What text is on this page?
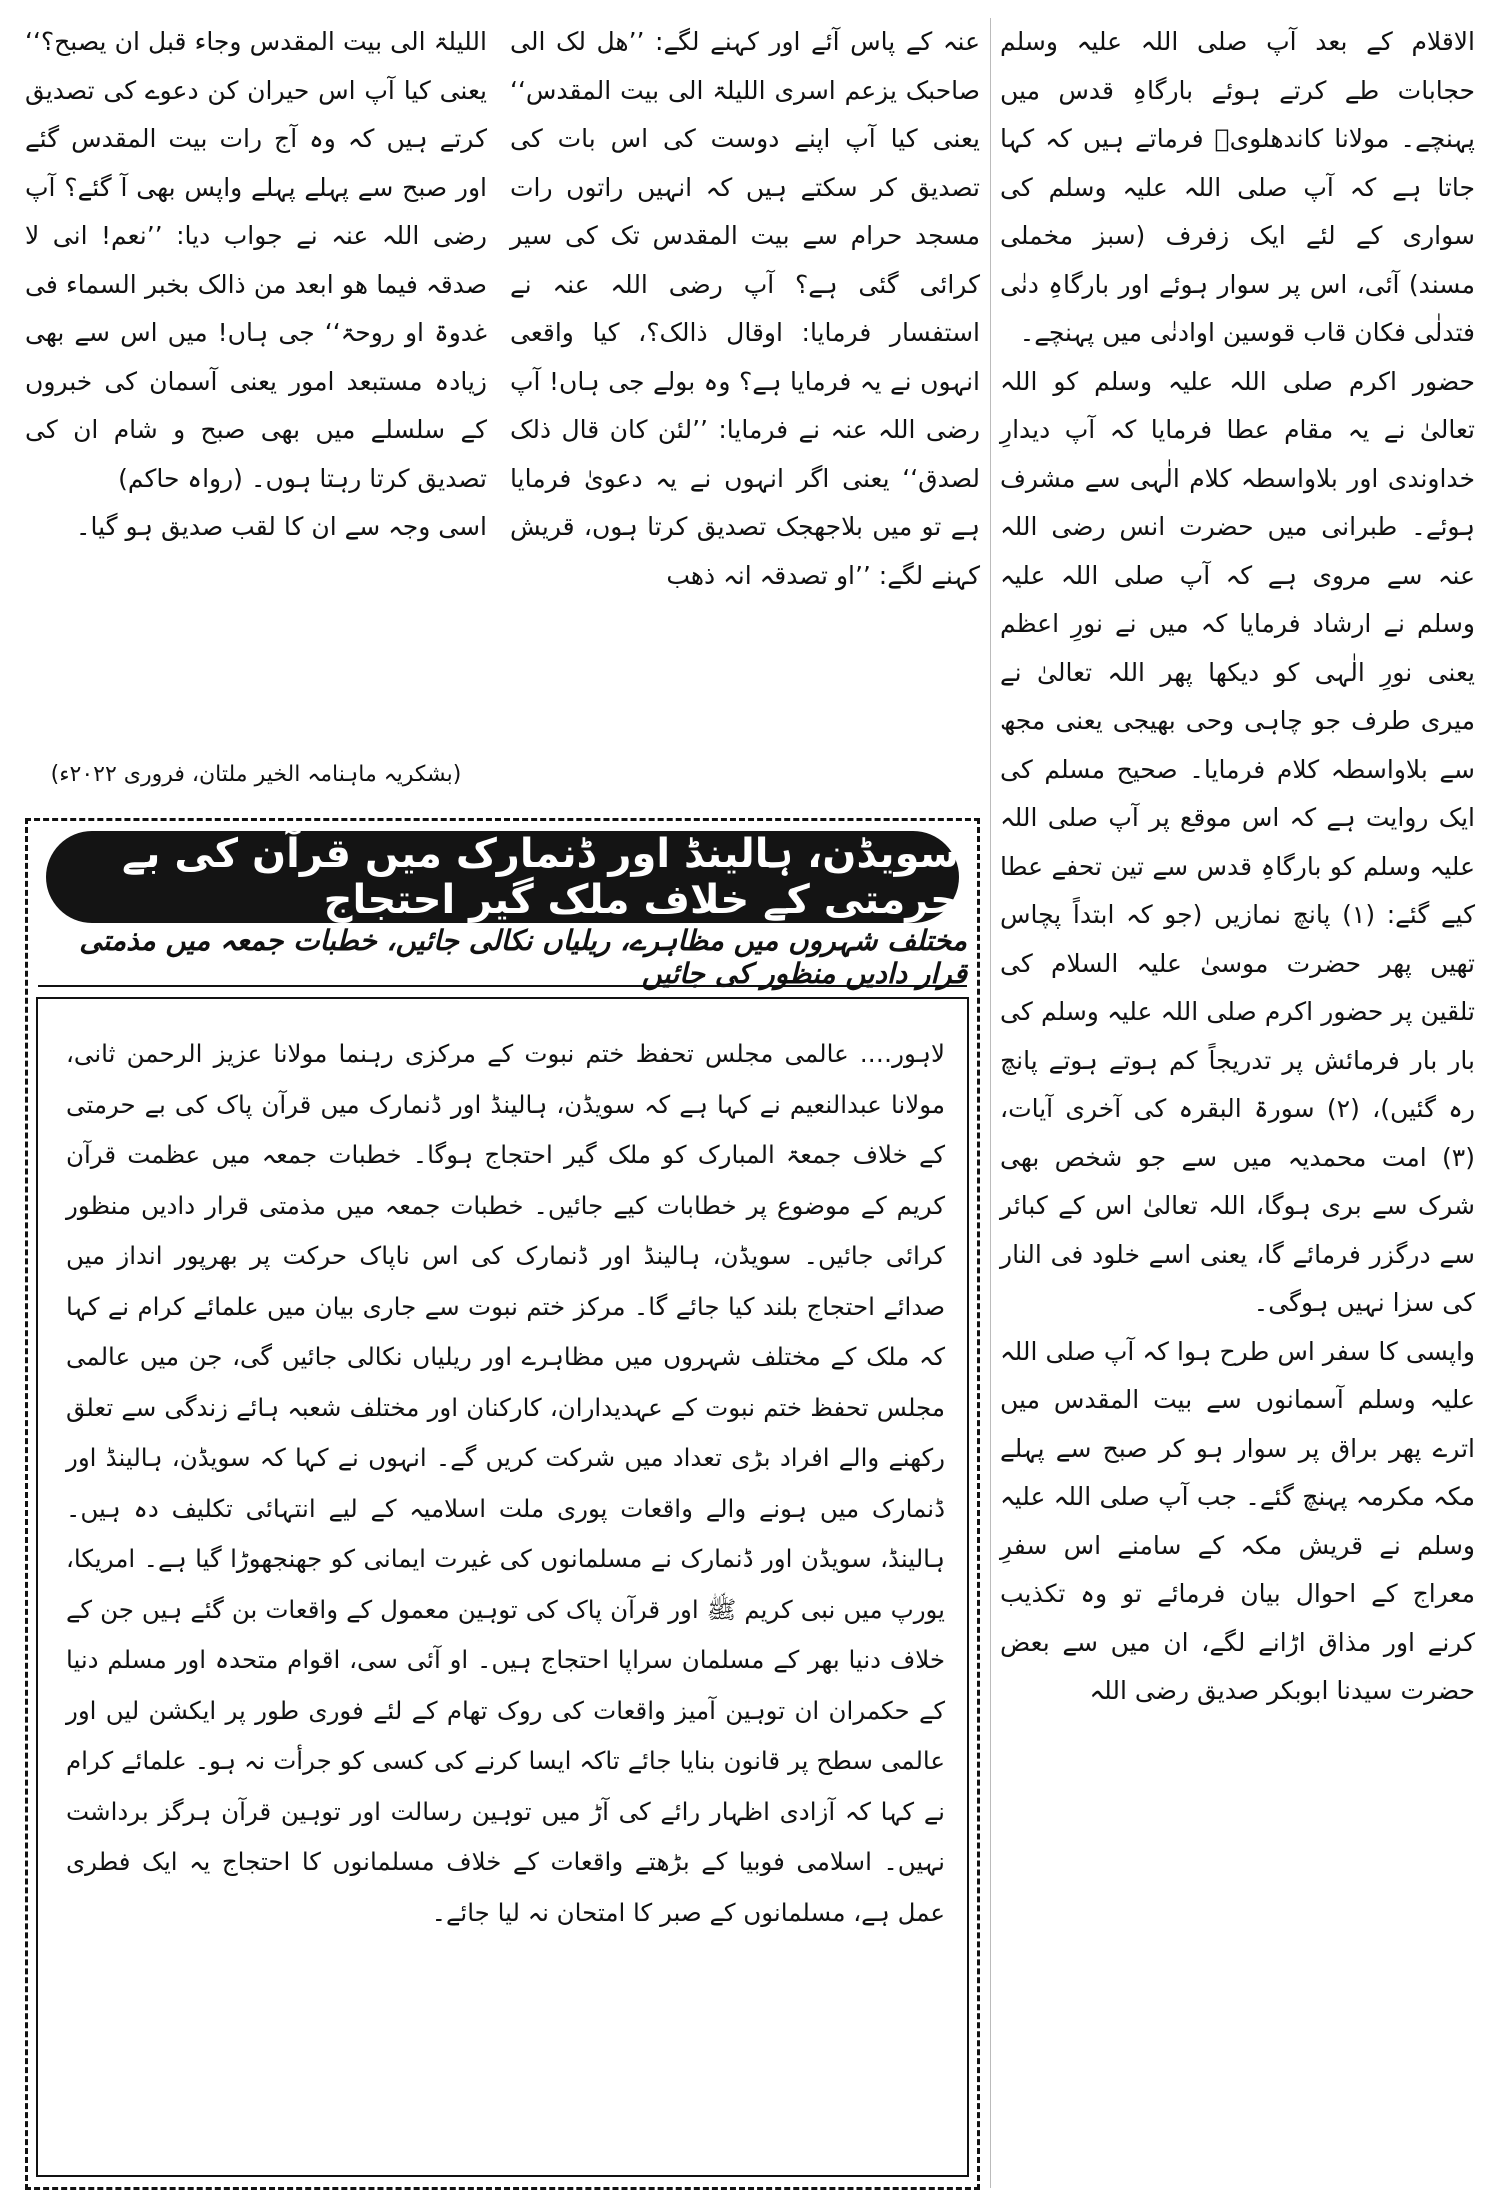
الاقلام کے بعد آپ صلی اللہ علیہ وسلم حجابات طے کرتے ہوئے بارگاہِ قدس میں پہنچے۔ مولانا کاندھلویؒ فرماتے ہیں کہ کہا جاتا ہے کہ آپ صلی اللہ علیہ وسلم کی سواری کے لئے ایک زفرف (سبز مخملی مسند) آئی، اس پر سوار ہوئے اور بارگاہِ دنٰی فتدلٰی فکان قاب قوسین اوادنٰی میں پہنچے۔

حضور اکرم صلی اللہ علیہ وسلم کو اللہ تعالیٰ نے یہ مقام عطا فرمایا کہ آپ دیدارِ خداوندی اور بلاواسطہ کلام الٰہی سے مشرف ہوئے۔ طبرانی میں حضرت انس رضی اللہ عنہ سے مروی ہے کہ آپ صلی اللہ علیہ وسلم نے ارشاد فرمایا کہ میں نے نورِ اعظم یعنی نورِ الٰہی کو دیکھا پھر اللہ تعالیٰ نے میری طرف جو چاہی وحی بھیجی یعنی مجھ سے بلاواسطہ کلام فرمایا۔ صحیح مسلم کی ایک روایت ہے کہ اس موقع پر آپ صلی اللہ علیہ وسلم کو بارگاہِ قدس سے تین تحفے عطا کیے گئے: (۱) پانچ نمازیں (جو کہ ابتداً پچاس تھیں پھر حضرت موسیٰ علیہ السلام کی تلقین پر حضور اکرم صلی اللہ علیہ وسلم کی بار بار فرمائش پر تدریجاً کم ہوتے ہوتے پانچ رہ گئیں)، (۲) سورۃ البقرہ کی آخری آیات، (۳) امت محمدیہ میں سے جو شخص بھی شرک سے بری ہوگا، اللہ تعالیٰ اس کے کبائر سے درگزر فرمائے گا، یعنی اسے خلود فی النار کی سزا نہیں ہوگی۔

واپسی کا سفر اس طرح ہوا کہ آپ صلی اللہ علیہ وسلم آسمانوں سے بیت المقدس میں اترے پھر براق پر سوار ہو کر صبح سے پہلے مکہ مکرمہ پہنچ گئے۔ جب آپ صلی اللہ علیہ وسلم نے قریش مکہ کے سامنے اس سفرِ معراج کے احوال بیان فرمائے تو وہ تکذیب کرنے اور مذاق اڑانے لگے، ان میں سے بعض حضرت سیدنا ابوبکر صدیق رضی اللہ

عنہ کے پاس آئے اور کہنے لگے: ’’ھل لک الی صاحبک یزعم اسری اللیلۃ الی بیت المقدس‘‘ یعنی کیا آپ اپنے دوست کی اس بات کی تصدیق کر سکتے ہیں کہ انہیں راتوں رات مسجد حرام سے بیت المقدس تک کی سیر کرائی گئی ہے؟ آپ رضی اللہ عنہ نے استفسار فرمایا: اوقال ذالک؟، کیا واقعی انہوں نے یہ فرمایا ہے؟ وہ بولے جی ہاں! آپ رضی اللہ عنہ نے فرمایا: ’’لئن کان قال ذلک لصدق‘‘ یعنی اگر انہوں نے یہ دعویٰ فرمایا ہے تو میں بلاجھجک تصدیق کرتا ہوں، قریش کہنے لگے: ’’او تصدقہ انہ ذھب

اللیلۃ الی بیت المقدس وجاء قبل ان یصبح؟‘‘ یعنی کیا آپ اس حیران کن دعوے کی تصدیق کرتے ہیں کہ وہ آج رات بیت المقدس گئے اور صبح سے پہلے پہلے واپس بھی آ گئے؟ آپ رضی اللہ عنہ نے جواب دیا: ’’نعم! انی لا صدقہ فیما ھو ابعد من ذالک بخبر السماء فی غدوۃ او روحۃ‘‘ جی ہاں! میں اس سے بھی زیادہ مستبعد امور یعنی آسمان کی خبروں کے سلسلے میں بھی صبح و شام ان کی تصدیق کرتا رہتا ہوں۔ (رواہ حاکم)

اسی وجہ سے ان کا لقب صدیق ہو گیا۔

(بشکریہ ماہنامہ الخیر ملتان، فروری ۲۰۲۲ء)
سویڈن، ہالینڈ اور ڈنمارک میں قرآن کی بے حرمتی کے خلاف ملک گیر احتجاج
مختلف شہروں میں مظاہرے، ریلیاں نکالی جائیں، خطبات جمعہ میں مذمتی قرار دادیں منظور کی جائیں

لاہور…. عالمی مجلس تحفظ ختم نبوت کے مرکزی رہنما مولانا عزیز الرحمن ثانی، مولانا عبدالنعیم نے کہا ہے کہ سویڈن، ہالینڈ اور ڈنمارک میں قرآن پاک کی بے حرمتی کے خلاف جمعۃ المبارک کو ملک گیر احتجاج ہوگا۔ خطبات جمعہ میں عظمت قرآن کریم کے موضوع پر خطابات کیے جائیں۔ خطبات جمعہ میں مذمتی قرار دادیں منظور کرائی جائیں۔ سویڈن، ہالینڈ اور ڈنمارک کی اس ناپاک حرکت پر بھرپور انداز میں صدائے احتجاج بلند کیا جائے گا۔ مرکز ختم نبوت سے جاری بیان میں علمائے کرام نے کہا کہ ملک کے مختلف شہروں میں مظاہرے اور ریلیاں نکالی جائیں گی، جن میں عالمی مجلس تحفظ ختم نبوت کے عہدیداران، کارکنان اور مختلف شعبہ ہائے زندگی سے تعلق رکھنے والے افراد بڑی تعداد میں شرکت کریں گے۔ انہوں نے کہا کہ سویڈن، ہالینڈ اور ڈنمارک میں ہونے والے واقعات پوری ملت اسلامیہ کے لیے انتہائی تکلیف دہ ہیں۔ ہالینڈ، سویڈن اور ڈنمارک نے مسلمانوں کی غیرت ایمانی کو جھنجھوڑا گیا ہے۔ امریکا، یورپ میں نبی کریم ﷺ اور قرآن پاک کی توہین معمول کے واقعات بن گئے ہیں جن کے خلاف دنیا بھر کے مسلمان سراپا احتجاج ہیں۔ او آئی سی، اقوام متحدہ اور مسلم دنیا کے حکمران ان توہین آمیز واقعات کی روک تھام کے لئے فوری طور پر ایکشن لیں اور عالمی سطح پر قانون بنایا جائے تاکہ ایسا کرنے کی کسی کو جرأت نہ ہو۔ علمائے کرام نے کہا کہ آزادی اظہار رائے کی آڑ میں توہین رسالت اور توہین قرآن ہرگز برداشت نہیں۔ اسلامی فوبیا کے بڑھتے واقعات کے خلاف مسلمانوں کا احتجاج یہ ایک فطری عمل ہے، مسلمانوں کے صبر کا امتحان نہ لیا جائے۔
